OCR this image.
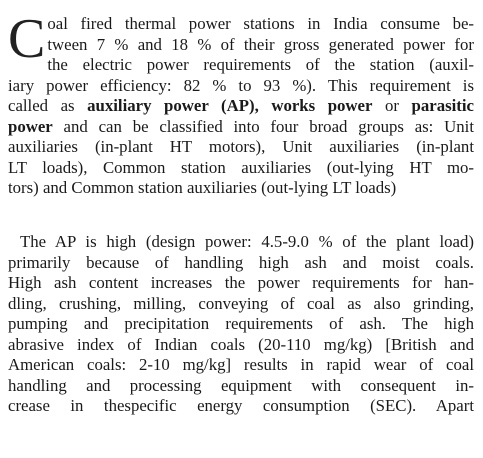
C oal fired thermal power stations in India consume be-
tween 7 % and 18 % of their gross generated power for
the electric power requirements of the station (auxil-
iary power efficiency: 82 % to 93 %). This requirement is
called as auxiliary power (AP), works power or parasitic
power and can be classified into four broad groups as: Unit
auxiliaries (in-plant HT motors), Unit auxiliaries (in-plant
LT loads), Common station auxiliaries (out-lying HT mo-
tors) and Common station auxiliaries (out-lying LT loads)
The AP is high (design power: 4.5-9.0 % of the plant load)
primarily because of handling high ash and moist coals.
High ash content increases the power requirements for han-
dling, crushing, milling, conveying of coal as also grinding,
pumping and precipitation requirements of ash. The high
abrasive index of Indian coals (20-110 mg/kg) [British and
American coals: 2-10 mg/kg] results in rapid wear of coal
handling and processing equipment with consequent in-
crease in thespecific energy consumption (SEC). Apart
